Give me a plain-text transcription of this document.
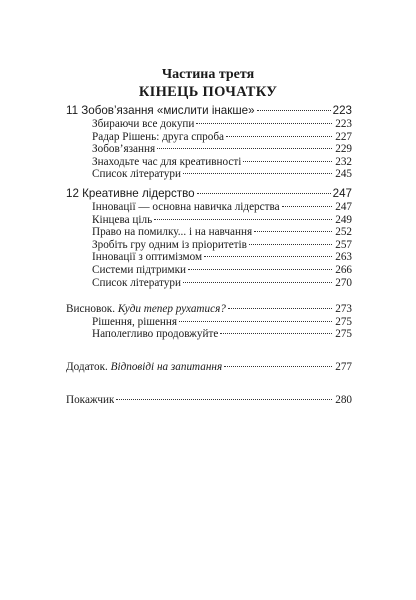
Частина третя
КІНЕЦЬ ПОЧАТКУ
11 Зобов’язання «мислити інакше»	223
Збираючи все докупи	223
Радар Рішень: друга спроба	227
Зобов’язання	229
Знаходьте час для креативності	232
Список літератури	245
12 Креативне лідерство	247
Інновації — основна навичка лідерства	247
Кінцева ціль	249
Право на помилку... і на навчання	252
Зробіть гру одним із пріоритетів	257
Інновації з оптимізмом	263
Системи підтримки	266
Список літератури	270
Висновок. Куди тепер рухатися?	273
Рішення, рішення	275
Наполегливо продовжуйте	275
Додаток. Відповіді на запитання	277
Покажчик	280
